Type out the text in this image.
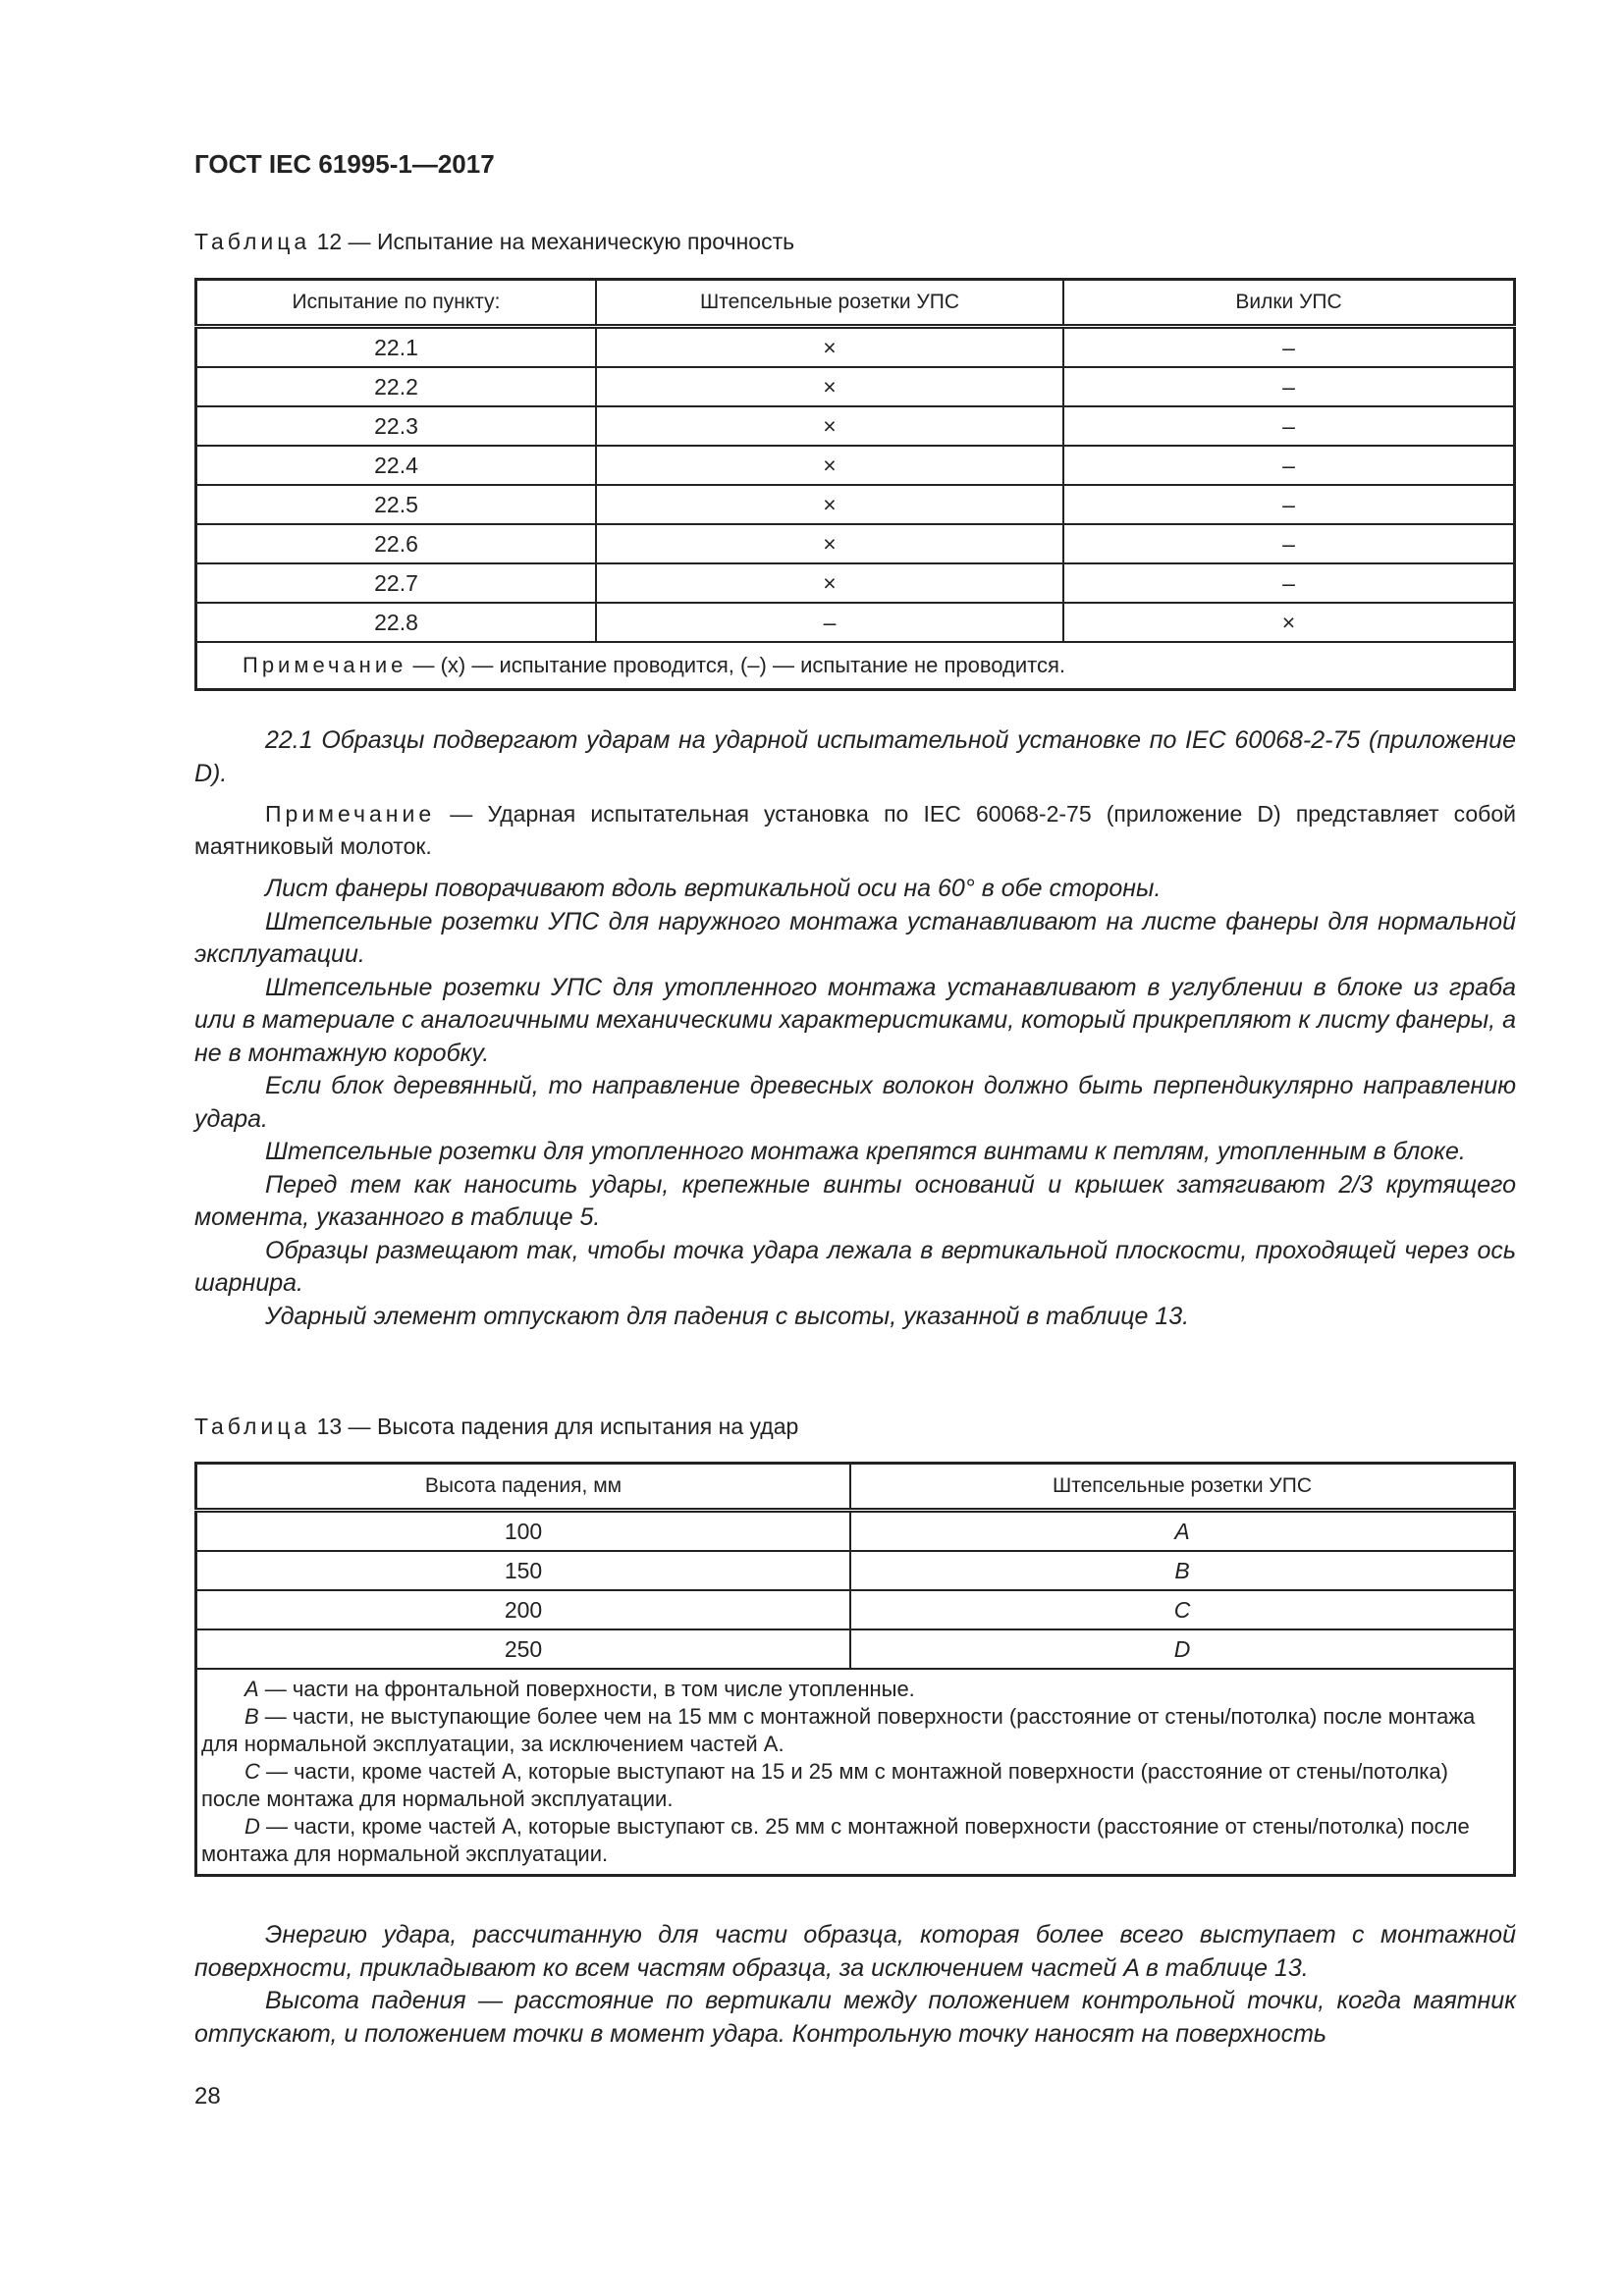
ГОСТ IEC 61995-1—2017
Таблица 12 — Испытание на механическую прочность
Испытание по пункту:	Штепсельные розетки УПС	Вилки УПС
22.1	×	–
22.2	×	–
22.3	×	–
22.4	×	–
22.5	×	–
22.6	×	–
22.7	×	–
22.8	–	×
Примечание — (x) — испытание проводится, (–) — испытание не проводится.		

22.1 Образцы подвергают ударам на ударной испытательной установке по IEC 60068-2-75 (приложение D).

Примечание — Ударная испытательная установка по IEC 60068-2-75 (приложение D) представляет собой маятниковый молоток.

Лист фанеры поворачивают вдоль вертикальной оси на 60° в обе стороны.

Штепсельные розетки УПС для наружного монтажа устанавливают на листе фанеры для нормальной эксплуатации.

Штепсельные розетки УПС для утопленного монтажа устанавливают в углублении в блоке из граба или в материале с аналогичными механическими характеристиками, который прикрепляют к листу фанеры, а не в монтажную коробку.

Если блок деревянный, то направление древесных волокон должно быть перпендикулярно направлению удара.

Штепсельные розетки для утопленного монтажа крепятся винтами к петлям, утопленным в блоке.

Перед тем как наносить удары, крепежные винты оснований и крышек затягивают 2/3 крутящего момента, указанного в таблице 5.

Образцы размещают так, чтобы точка удара лежала в вертикальной плоскости, проходящей через ось шарнира.

Ударный элемент отпускают для падения с высоты, указанной в таблице 13.

Таблица 13 — Высота падения для испытания на удар
Высота падения, мм	Штепсельные розетки УПС
100	A
150	B
200	C
250	D

A — части на фронтальной поверхности, в том числе утопленные.

B — части, не выступающие более чем на 15 мм с монтажной поверхности (расстояние от стены/потолка) после монтажа для нормальной эксплуатации, за исключением частей A.

C — части, кроме частей A, которые выступают на 15 и 25 мм с монтажной поверхности (расстояние от стены/потолка) после монтажа для нормальной эксплуатации.

D — части, кроме частей A, которые выступают св. 25 мм с монтажной поверхности (расстояние от стены/потолка) после монтажа для нормальной эксплуатации.	

Энергию удара, рассчитанную для части образца, которая более всего выступает с монтажной поверхности, прикладывают ко всем частям образца, за исключением частей A в таблице 13.

Высота падения — расстояние по вертикали между положением контрольной точки, когда маятник отпускают, и положением точки в момент удара. Контрольную точку наносят на поверхность

28
